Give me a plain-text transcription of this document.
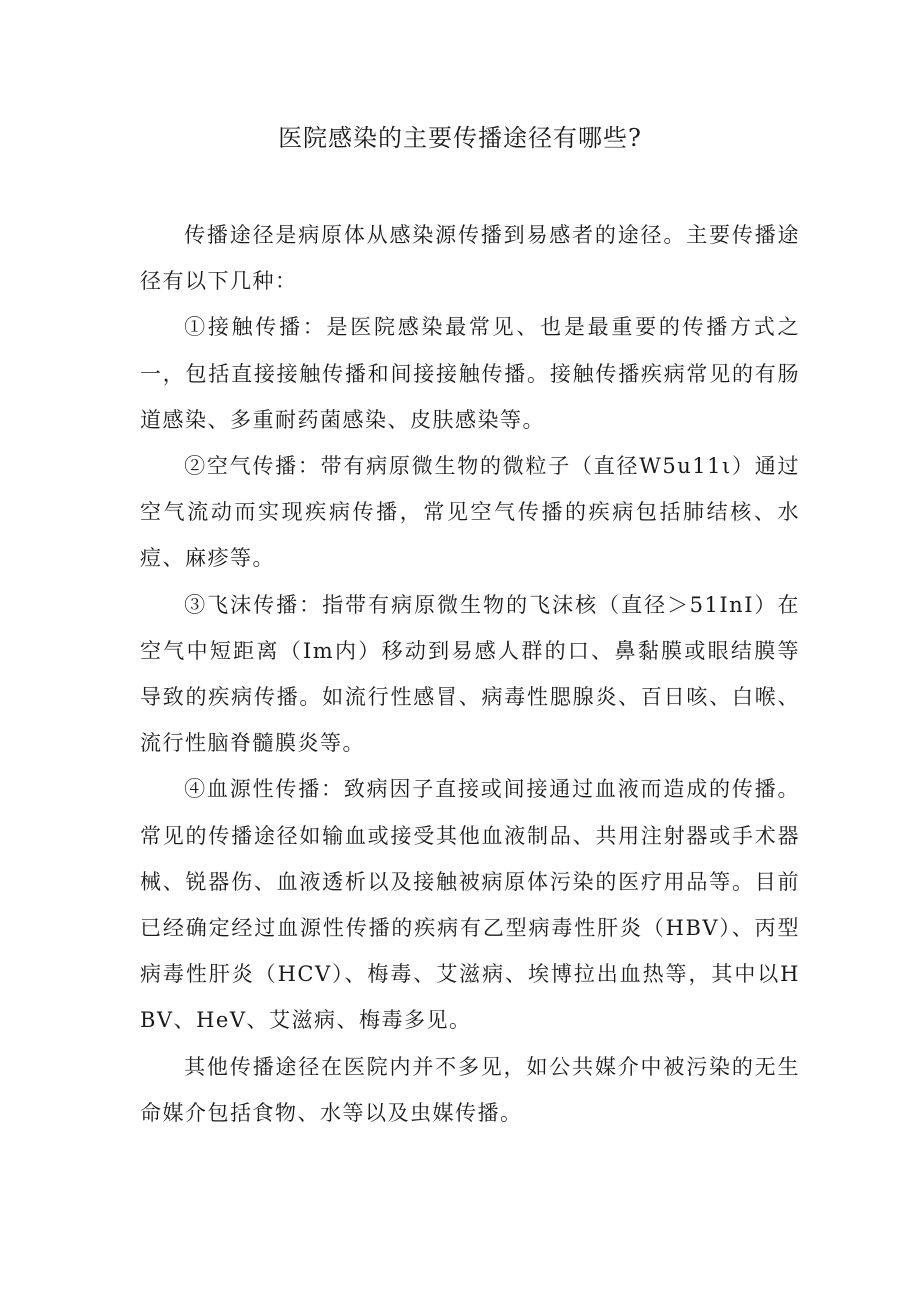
医院感染的主要传播途径有哪些?

传播途径是病原体从感染源传播到易感者的途径。主要传播途径有以下几种：

①接触传播：是医院感染最常见、也是最重要的传播方式之一，包括直接接触传播和间接接触传播。接触传播疾病常见的有肠道感染、多重耐药菌感染、皮肤感染等。

②空气传播：带有病原微生物的微粒子（直径W5u11ι）通过空气流动而实现疾病传播，常见空气传播的疾病包括肺结核、水痘、麻疹等。

③飞沫传播：指带有病原微生物的飞沫核（直径＞51InI）在空气中短距离（Im内）移动到易感人群的口、鼻黏膜或眼结膜等导致的疾病传播。如流行性感冒、病毒性腮腺炎、百日咳、白喉、流行性脑脊髓膜炎等。

④血源性传播：致病因子直接或间接通过血液而造成的传播。常见的传播途径如输血或接受其他血液制品、共用注射器或手术器械、锐器伤、血液透析以及接触被病原体污染的医疗用品等。目前已经确定经过血源性传播的疾病有乙型病毒性肝炎（HBV）、丙型病毒性肝炎（HCV）、梅毒、艾滋病、埃博拉出血热等，其中以HBV、HeV、艾滋病、梅毒多见。

其他传播途径在医院内并不多见，如公共媒介中被污染的无生命媒介包括食物、水等以及虫媒传播。
